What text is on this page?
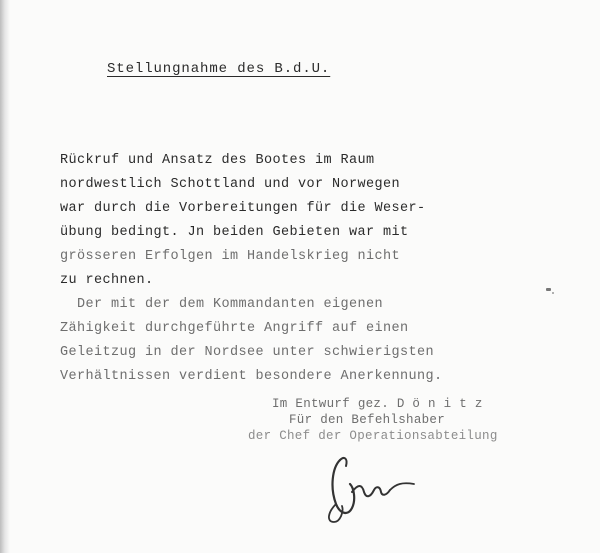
Stellungnahme des B.d.U.
Rückruf und Ansatz des Bootes im Raum
nordwestlich Schottland und vor Norwegen
war durch die Vorbereitungen für die Weser-
übung bedingt. Jn beiden Gebieten war mit
grösseren Erfolgen im Handelskrieg nicht
zu rechnen.
Der mit der dem Kommandanten eigenen
Zähigkeit durchgeführte Angriff auf einen
Geleitzug in der Nordsee unter schwierigsten
Verhältnissen verdient besondere Anerkennung.
Im Entwurf gez. D ö n i t z
Für den Befehlshaber
der Chef der Operationsabteilung
